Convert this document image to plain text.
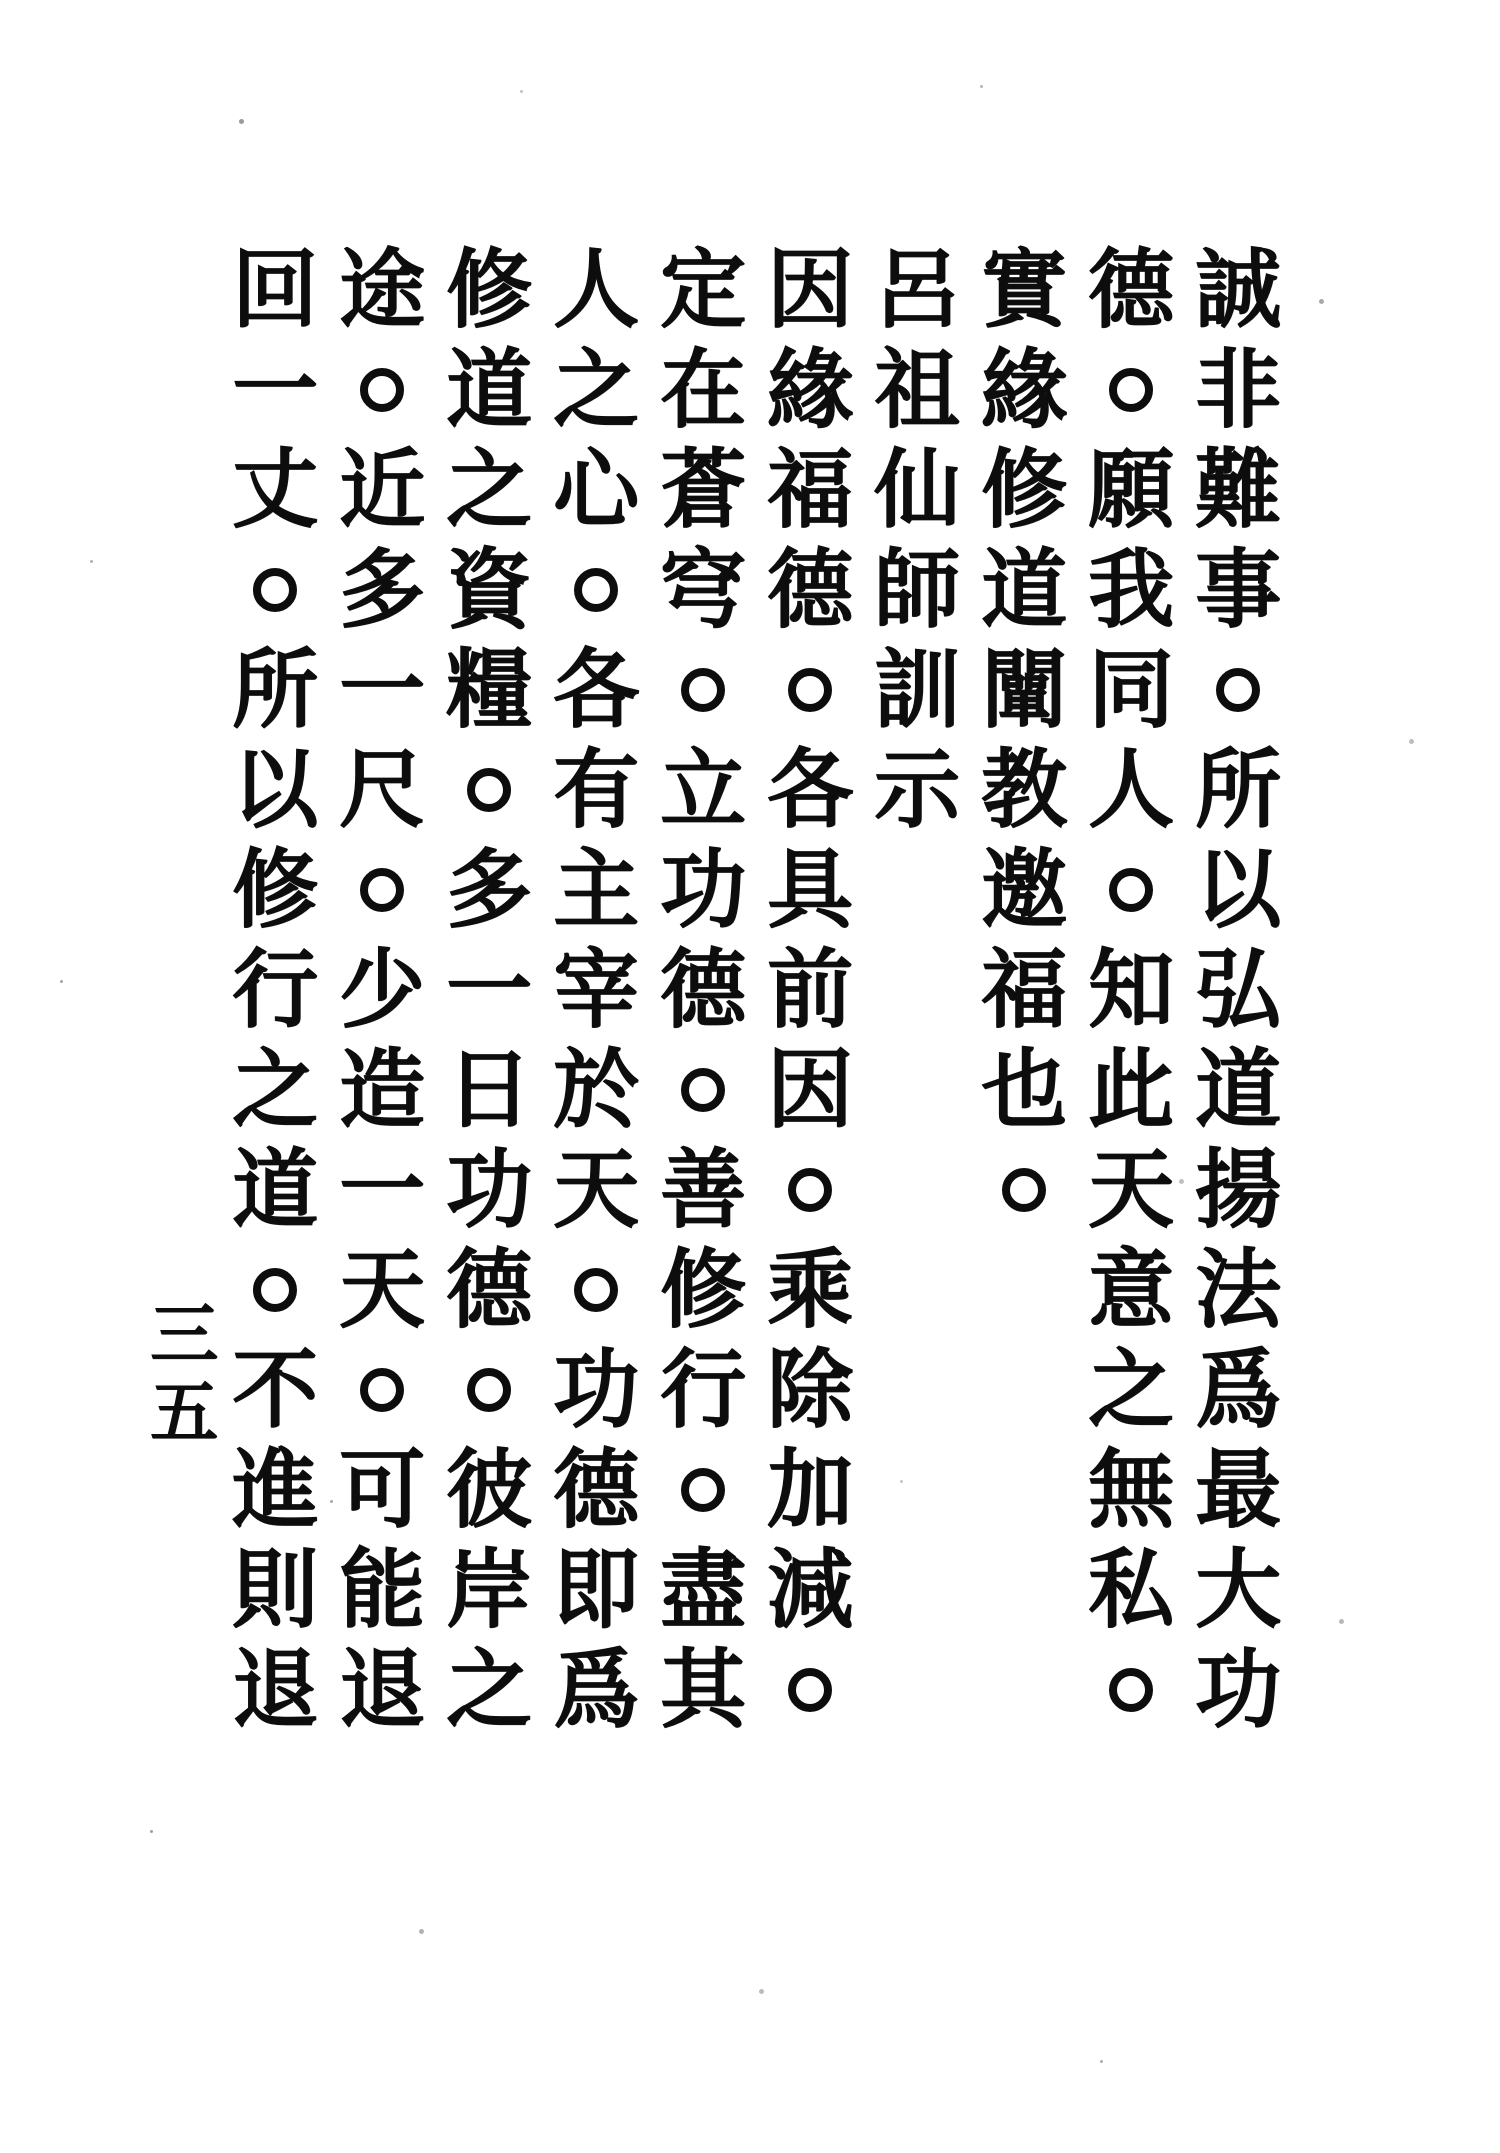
誠
非
難
事
所
以
弘
道
揚
法
爲
最
大
功
德
願
我
同
人
知
此
天
意
之
無
私
實
緣
修
道
闡
教
邀
福
也
呂
祖
仙
師
訓
示
因
緣
福
德
各
具
前
因
乘
除
加
減
定
在
蒼
穹
立
功
德
善
修
行
盡
其
人
之
心
各
有
主
宰
於
天
功
德
即
爲
修
道
之
資
糧
多
一
日
功
德
彼
岸
之
途
近
多
一
尺
少
造
一
天
可
能
退
回
一
丈
所
以
修
行
之
道
不
進
則
退
三
五
